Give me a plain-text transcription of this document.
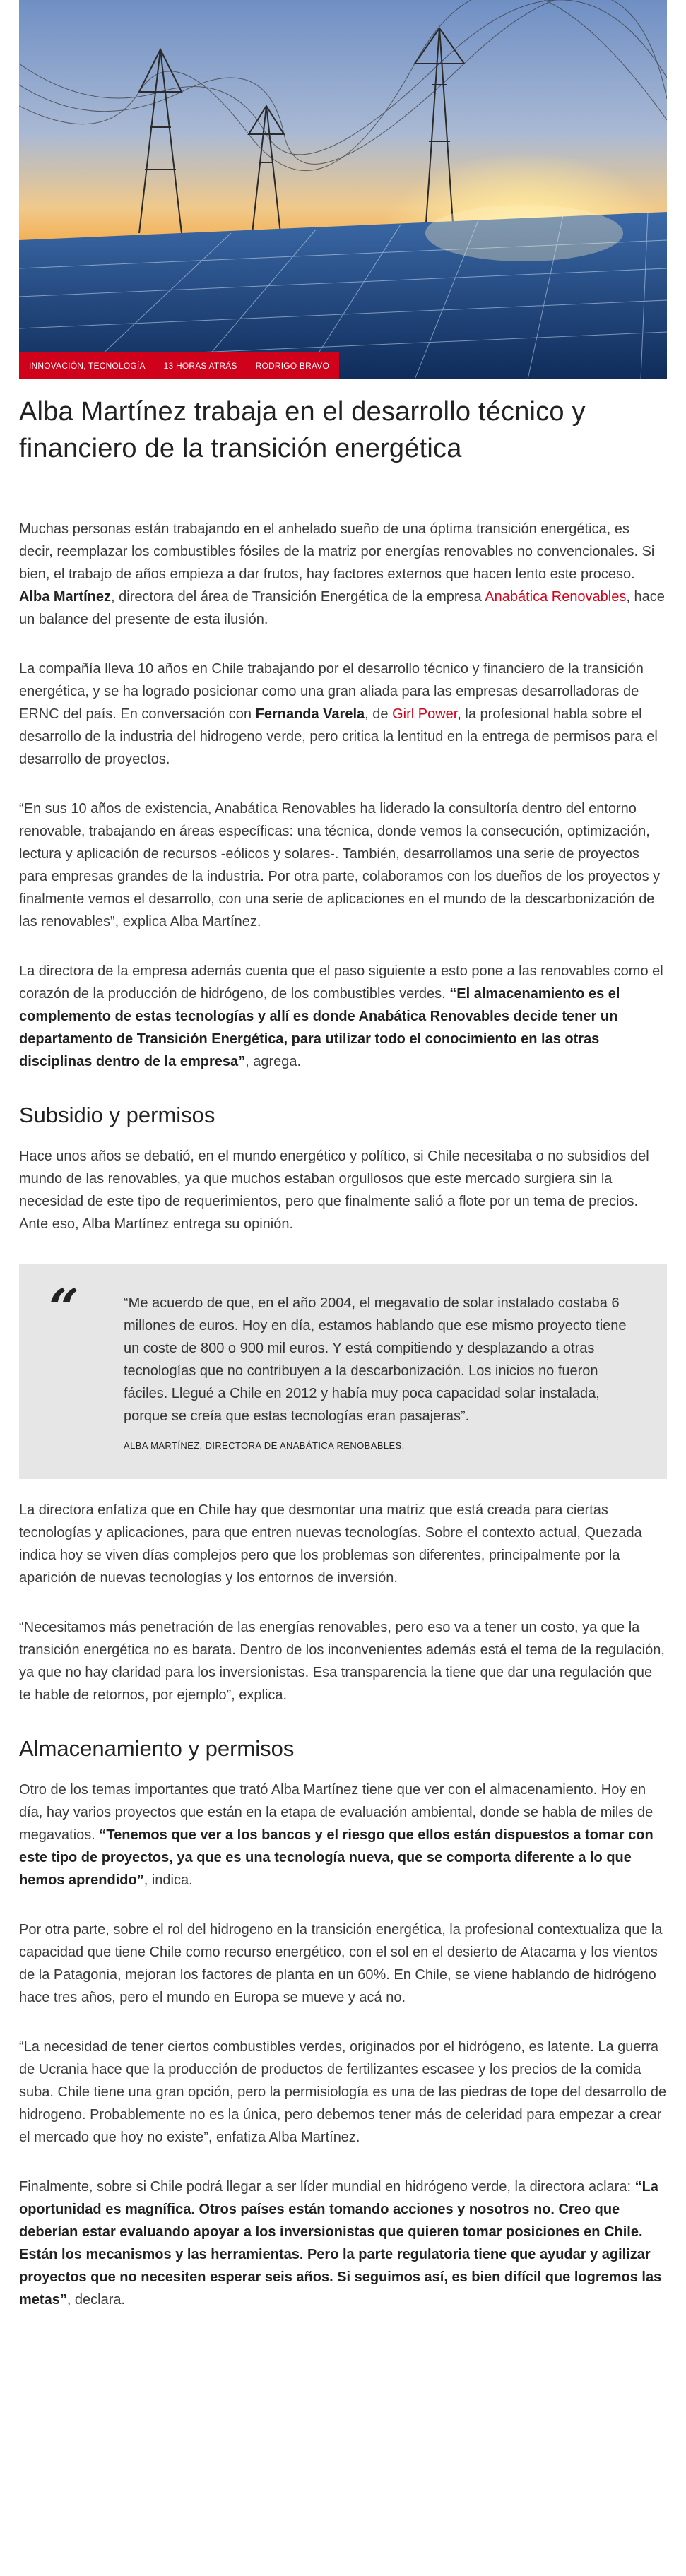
INNOVACIÓN, TECNOLOGÍA 13 HORAS ATRÁS RODRIGO BRAVO
Alba Martínez trabaja en el desarrollo técnico y financiero de la transición energética

Muchas personas están trabajando en el anhelado sueño de una óptima transición energética, es decir, reemplazar los combustibles fósiles de la matriz por energías renovables no convencionales. Si bien, el trabajo de años empieza a dar frutos, hay factores externos que hacen lento este proceso. Alba Martínez, directora del área de Transición Energética de la empresa Anabática Renovables, hace un balance del presente de esta ilusión.

La compañía lleva 10 años en Chile trabajando por el desarrollo técnico y financiero de la transición energética, y se ha logrado posicionar como una gran aliada para las empresas desarrolladoras de ERNC del país. En conversación con Fernanda Varela, de Girl Power, la profesional habla sobre el desarrollo de la industria del hidrogeno verde, pero critica la lentitud en la entrega de permisos para el desarrollo de proyectos.

“En sus 10 años de existencia, Anabática Renovables ha liderado la consultoría dentro del entorno renovable, trabajando en áreas específicas: una técnica, donde vemos la consecución, optimización, lectura y aplicación de recursos -eólicos y solares-. También, desarrollamos una serie de proyectos para empresas grandes de la industria. Por otra parte, colaboramos con los dueños de los proyectos y finalmente vemos el desarrollo, con una serie de aplicaciones en el mundo de la descarbonización de las renovables”, explica Alba Martínez.

La directora de la empresa además cuenta que el paso siguiente a esto pone a las renovables como el corazón de la producción de hidrógeno, de los combustibles verdes. “El almacenamiento es el complemento de estas tecnologías y allí es donde Anabática Renovables decide tener un departamento de Transición Energética, para utilizar todo el conocimiento en las otras disciplinas dentro de la empresa”, agrega.

Subsidio y permisos

Hace unos años se debatió, en el mundo energético y político, si Chile necesitaba o no subsidios del mundo de las renovables, ya que muchos estaban orgullosos que este mercado surgiera sin la necesidad de este tipo de requerimientos, pero que finalmente salió a flote por un tema de precios. Ante eso, Alba Martínez entrega su opinión.

“	“Me acuerdo de que, en el año 2004, el megavatio de solar instalado costaba 6 millones de euros. Hoy en día, estamos hablando que ese mismo proyecto tiene un coste de 800 o 900 mil euros. Y está compitiendo y desplazando a otras tecnologías que no contribuyen a la descarbonización. Los inicios no fueron fáciles. Llegué a Chile en 2012 y había muy poca capacidad solar instalada, porque se creía que estas tecnologías eran pasajeras”.

ALBA MARTÍNEZ, DIRECTORA DE ANABÁTICA RENOBABLES.

La directora enfatiza que en Chile hay que desmontar una matriz que está creada para ciertas tecnologías y aplicaciones, para que entren nuevas tecnologías. Sobre el contexto actual, Quezada indica hoy se viven días complejos pero que los problemas son diferentes, principalmente por la aparición de nuevas tecnologías y los entornos de inversión.

“Necesitamos más penetración de las energías renovables, pero eso va a tener un costo, ya que la transición energética no es barata. Dentro de los inconvenientes además está el tema de la regulación, ya que no hay claridad para los inversionistas. Esa transparencia la tiene que dar una regulación que te hable de retornos, por ejemplo”, explica.

Almacenamiento y permisos

Otro de los temas importantes que trató Alba Martínez tiene que ver con el almacenamiento. Hoy en día, hay varios proyectos que están en la etapa de evaluación ambiental, donde se habla de miles de megavatios. “Tenemos que ver a los bancos y el riesgo que ellos están dispuestos a tomar con este tipo de proyectos, ya que es una tecnología nueva, que se comporta diferente a lo que hemos aprendido”, indica.

Por otra parte, sobre el rol del hidrogeno en la transición energética, la profesional contextualiza que la capacidad que tiene Chile como recurso energético, con el sol en el desierto de Atacama y los vientos de la Patagonia, mejoran los factores de planta en un 60%. En Chile, se viene hablando de hidrógeno hace tres años, pero el mundo en Europa se mueve y acá no.

“La necesidad de tener ciertos combustibles verdes, originados por el hidrógeno, es latente. La guerra de Ucrania hace que la producción de productos de fertilizantes escasee y los precios de la comida suba. Chile tiene una gran opción, pero la permisiología es una de las piedras de tope del desarrollo de hidrogeno. Probablemente no es la única, pero debemos tener más de celeridad para empezar a crear el mercado que hoy no existe”, enfatiza Alba Martínez.

Finalmente, sobre si Chile podrá llegar a ser líder mundial en hidrógeno verde, la directora aclara: “La oportunidad es magnífica. Otros países están tomando acciones y nosotros no. Creo que deberían estar evaluando apoyar a los inversionistas que quieren tomar posiciones en Chile. Están los mecanismos y las herramientas. Pero la parte regulatoria tiene que ayudar y agilizar proyectos que no necesiten esperar seis años. Si seguimos así, es bien difícil que logremos las metas”, declara.
